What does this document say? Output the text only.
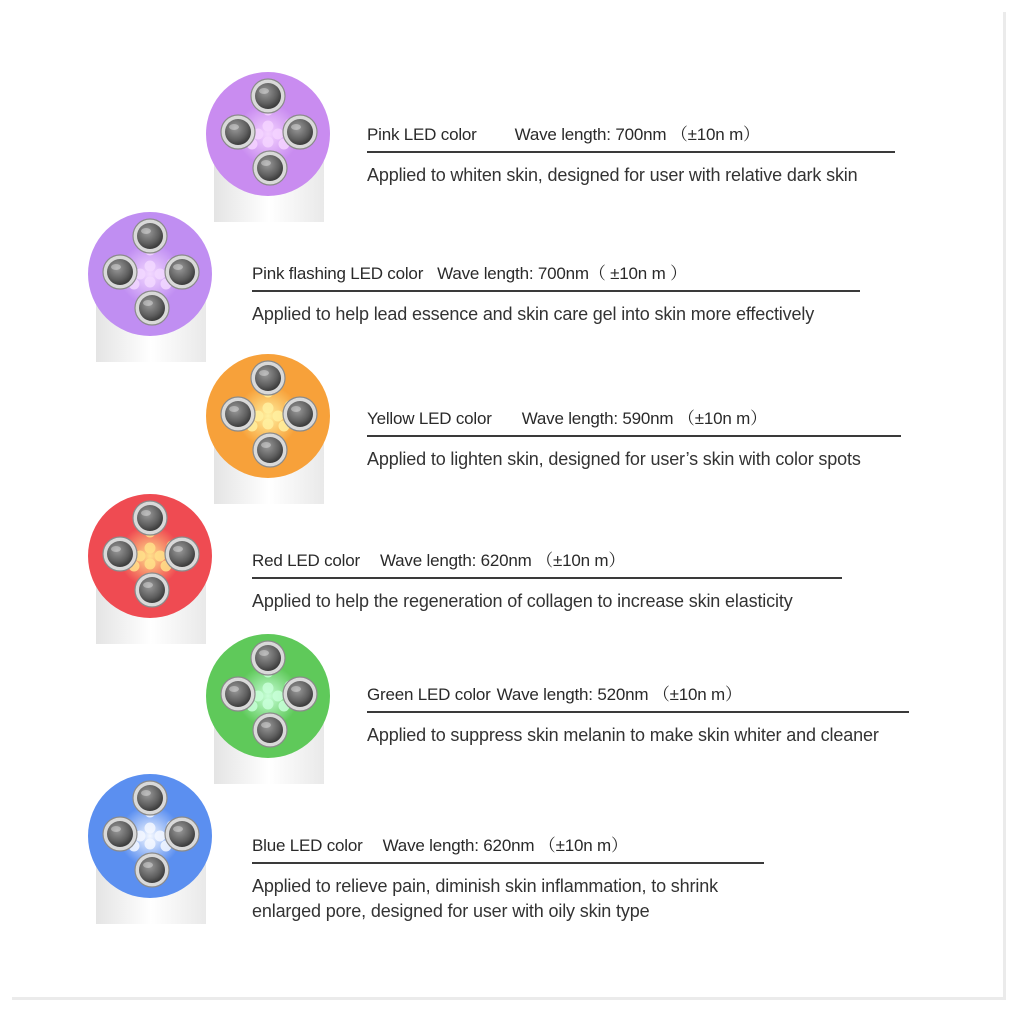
Pink LED color Wave length: 700nm （±10n m）
Applied to whiten skin, designed for user with relative dark skin
Pink flashing LED color Wave length: 700nm（ ±10n m ）
Applied to help lead essence and skin care gel into skin more effectively
Yellow LED color Wave length: 590nm （±10n m）
Applied to lighten skin, designed for user’s skin with color spots
Red LED color Wave length: 620nm （±10n m）
Applied to help the regeneration of collagen to increase skin elasticity
Green LED color Wave length: 520nm （±10n m）
Applied to suppress skin melanin to make skin whiter and cleaner
Blue LED color Wave length: 620nm （±10n m）
Applied to relieve pain, diminish skin inflammation, to shrink
enlarged pore, designed for user with oily skin type
